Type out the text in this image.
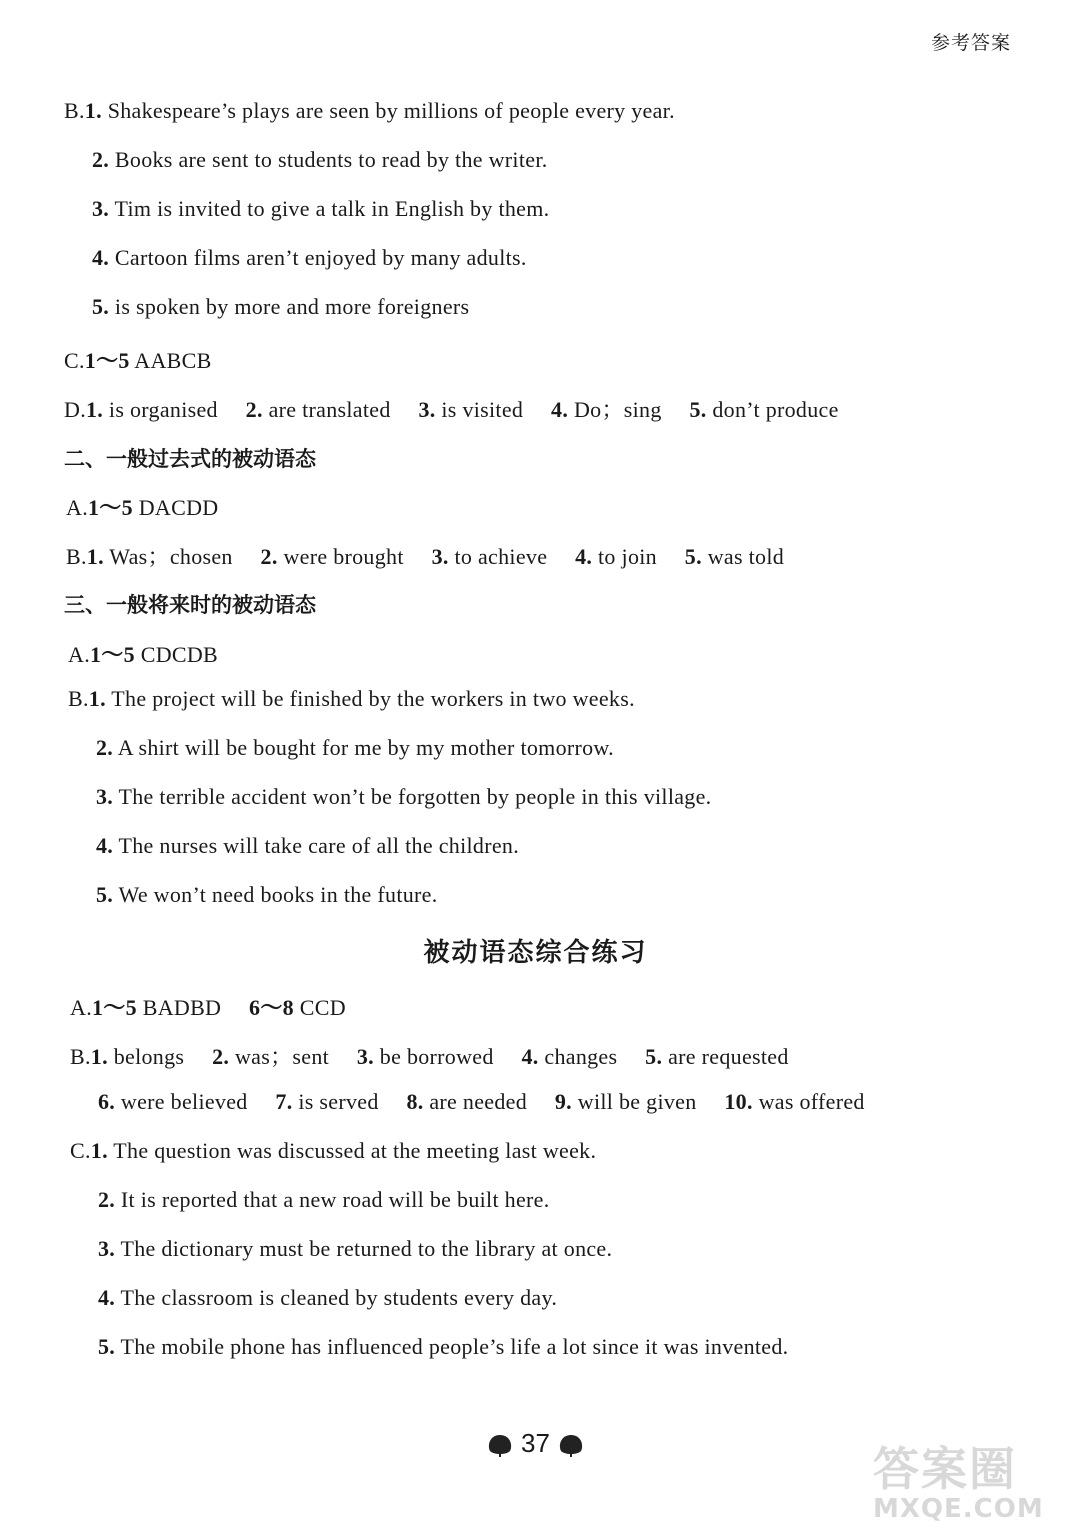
参考答案
B.1. Shakespeare’s plays are seen by millions of people every year.
2. Books are sent to students to read by the writer.
3. Tim is invited to give a talk in English by them.
4. Cartoon films aren’t enjoyed by many adults.
5. is spoken by more and more foreigners
C.1～5 AABCB
D.1. is organised 2. are translated 3. is visited 4. Do；sing 5. don’t produce
二、一般过去式的被动语态
A.1～5 DACDD
B.1. Was；chosen 2. were brought 3. to achieve 4. to join 5. was told
三、一般将来时的被动语态
A.1～5 CDCDB
B.1. The project will be finished by the workers in two weeks.
2. A shirt will be bought for me by my mother tomorrow.
3. The terrible accident won’t be forgotten by people in this village.
4. The nurses will take care of all the children.
5. We won’t need books in the future.
被动语态综合练习
A.1～5 BADBD 6～8 CCD
B.1. belongs 2. was；sent 3. be borrowed 4. changes 5. are requested
6. were believed 7. is served 8. are needed 9. will be given 10. was offered
C.1. The question was discussed at the meeting last week.
2. It is reported that a new road will be built here.
3. The dictionary must be returned to the library at once.
4. The classroom is cleaned by students every day.
5. The mobile phone has influenced people’s life a lot since it was invented.
37	答案圈
MXQE.COM
